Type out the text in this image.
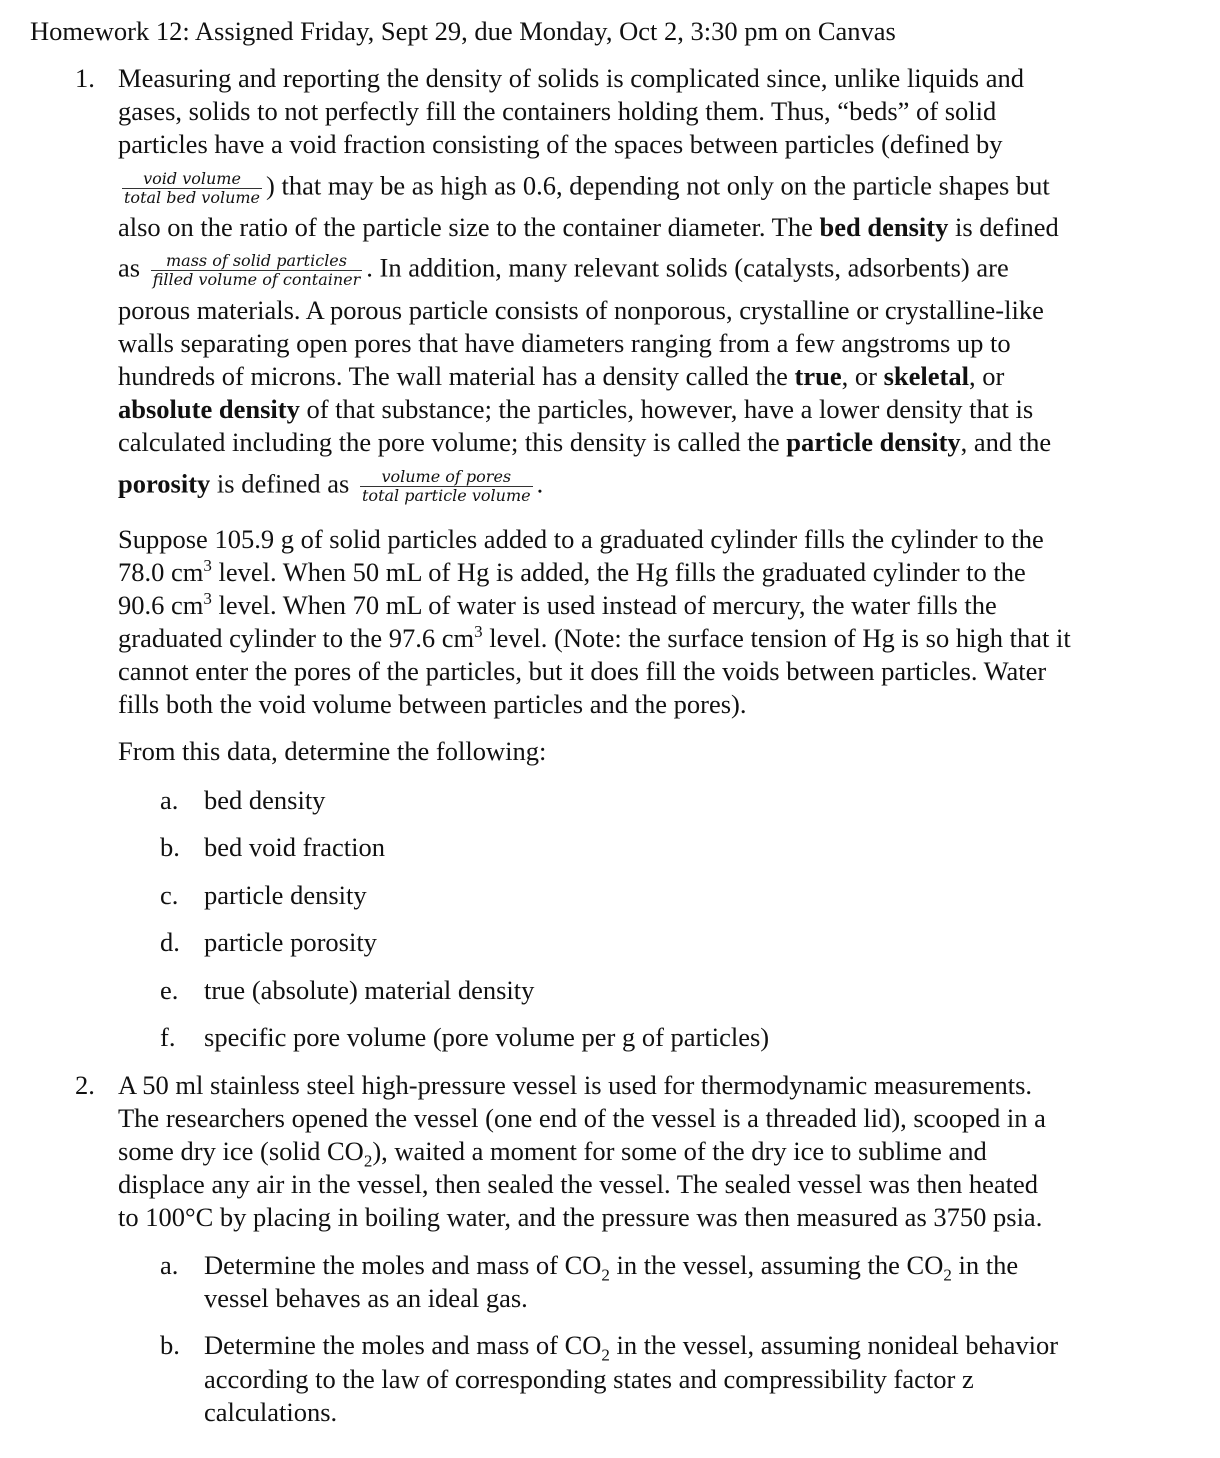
Homework 12: Assigned Friday, Sept 29, due Monday, Oct 2, 3:30 pm on Canvas
1. Measuring and reporting the density of solids is complicated since, unlike liquids and
gases, solids to not perfectly fill the containers holding them. Thus, “beds” of solid
particles have a void fraction consisting of the spaces between particles (defined by
$\frac{\text{void volume}}{\text{total bed volume}}$ ) that may be as high as 0.6, depending not only on the particle shapes but
also on the ratio of the particle size to the container diameter. The bed density is defined
as $\frac{\text{mass of solid particles}}{\text{filled volume of container}}$ . In addition, many relevant solids (catalysts, adsorbents) are
porous materials. A porous particle consists of nonporous, crystalline or crystalline-like
walls separating open pores that have diameters ranging from a few angstroms up to
hundreds of microns. The wall material has a density called the true, or skeletal, or
absolute density of that substance; the particles, however, have a lower density that is
calculated including the pore volume; this density is called the particle density, and the
porosity is defined as $\frac{\text{volume of pores}}{\text{total particle volume}}$ .
Suppose 105.9 g of solid particles added to a graduated cylinder fills the cylinder to the
78.0 $cm^3$ level. When 50 mL of Hg is added, the Hg fills the graduated cylinder to the
90.6 $cm^3$ level. When 70 mL of water is used instead of mercury, the water fills the
graduated cylinder to the 97.6 $cm^3$ level. (Note: the surface tension of Hg is so high that it
cannot enter the pores of the particles, but it does fill the voids between particles. Water
fills both the void volume between particles and the pores).
From this data, determine the following:
a. bed density
b. bed void fraction
c. particle density
d. particle porosity
e. true (absolute) material density
f. specific pore volume (pore volume per g of particles)
2. A 50 ml stainless steel high-pressure vessel is used for thermodynamic measurements.
The researchers opened the vessel (one end of the vessel is a threaded lid), scooped in a
some dry ice (solid $CO_2$), waited a moment for some of the dry ice to sublime and
displace any air in the vessel, then sealed the vessel. The sealed vessel was then heated
to 100°C by placing in boiling water, and the pressure was then measured as 3750 psia.
a. Determine the moles and mass of $CO_2$ in the vessel, assuming the $CO_2$ in the
vessel behaves as an ideal gas.
b. Determine the moles and mass of $CO_2$ in the vessel, assuming nonideal behavior
according to the law of corresponding states and compressibility factor z
calculations.
